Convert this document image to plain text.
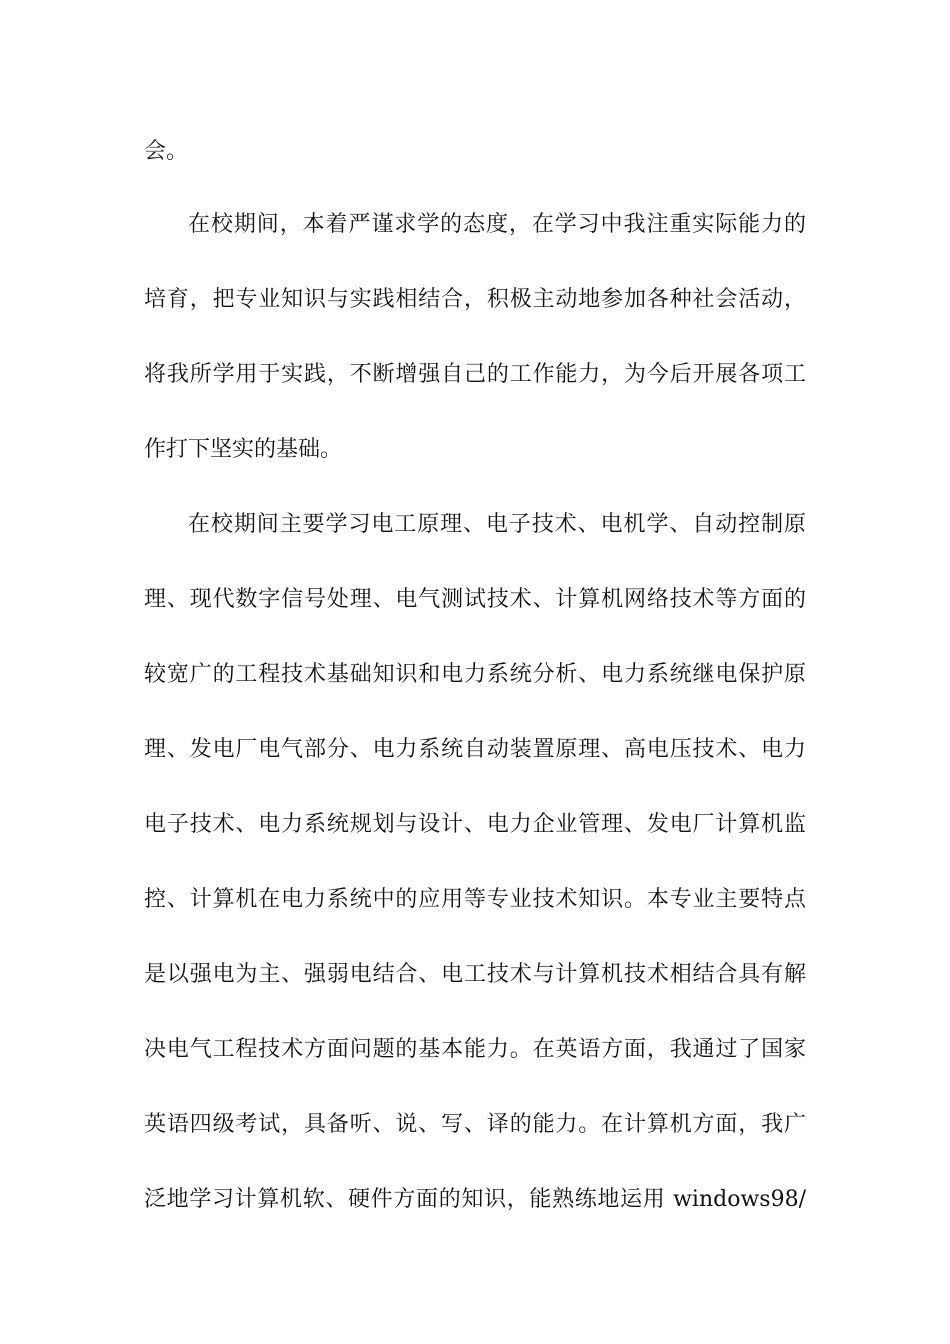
会。
在校期间，本着严谨求学的态度，在学习中我注重实际能力的
培育，把专业知识与实践相结合，积极主动地参加各种社会活动，
将我所学用于实践，不断增强自己的工作能力，为今后开展各项工
作打下坚实的基础。
在校期间主要学习电工原理、电子技术、电机学、自动控制原
理、现代数字信号处理、电气测试技术、计算机网络技术等方面的
较宽广的工程技术基础知识和电力系统分析、电力系统继电保护原
理、发电厂电气部分、电力系统自动装置原理、高电压技术、电力
电子技术、电力系统规划与设计、电力企业管理、发电厂计算机监
控、计算机在电力系统中的应用等专业技术知识。本专业主要特点
是以强电为主、强弱电结合、电工技术与计算机技术相结合具有解
决电气工程技术方面问题的基本能力。在英语方面，我通过了国家
英语四级考试，具备听、说、写、译的能力。在计算机方面，我广
泛地学习计算机软、硬件方面的知识，能熟练地运用 windows98/
